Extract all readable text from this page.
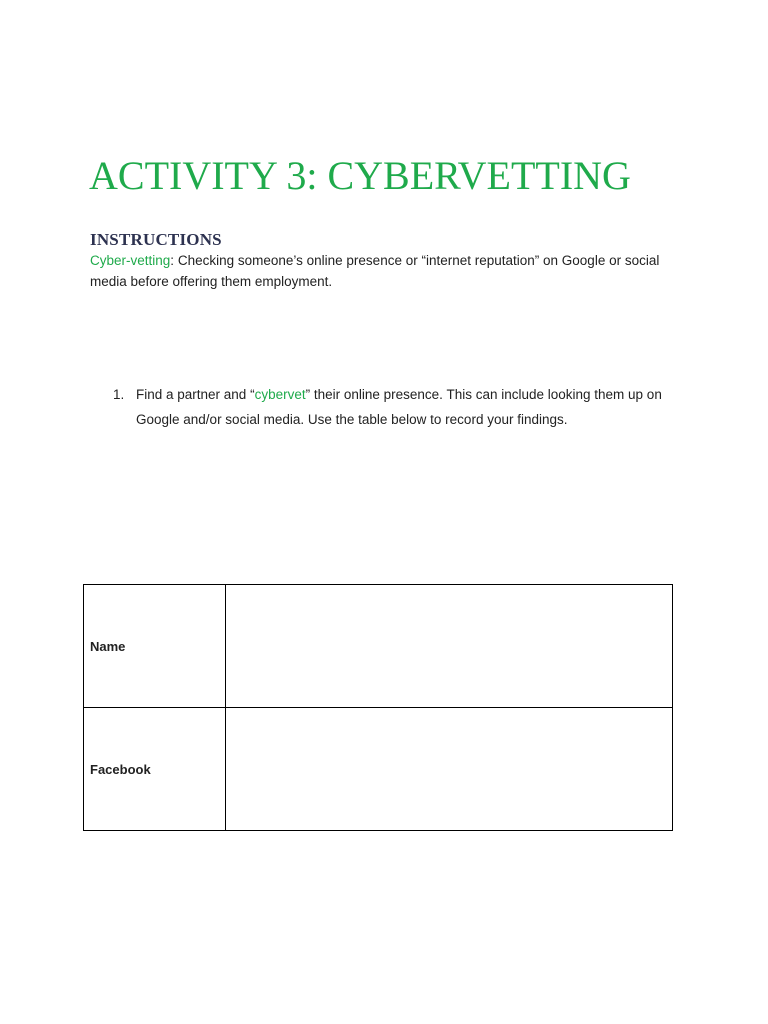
ACTIVITY 3: CYBERVETTING
INSTRUCTIONS

Cyber-vetting: Checking someone’s online presence or “internet reputation” on Google or social media before offering them employment.

1. Find a partner and “cybervet” their online presence. This can include looking them up on Google and/or social media. Use the table below to record your findings.
Name	
Facebook	
